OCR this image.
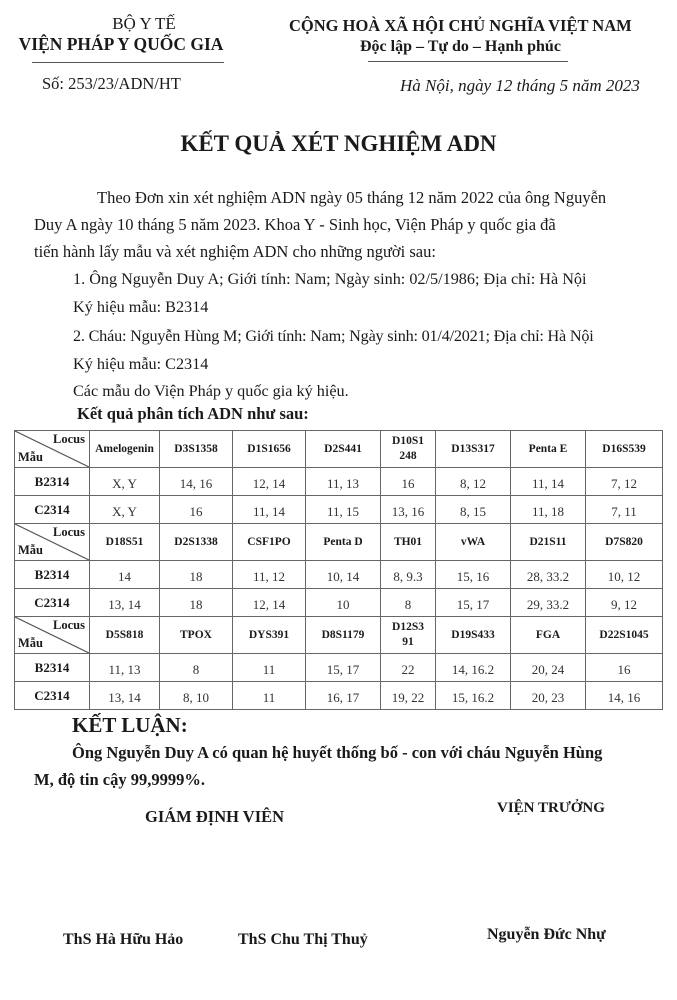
BỘ Y TẾ
VIỆN PHÁP Y QUỐC GIA
Số: 253/23/ADN/HT
CỘNG HOÀ XÃ HỘI CHỦ NGHĨA VIỆT NAM
Độc lập – Tự do – Hạnh phúc
Hà Nội, ngày 12 tháng 5 năm 2023
KẾT QUẢ XÉT NGHIỆM ADN
Theo Đơn xin xét nghiệm ADN ngày 05 tháng 12 năm 2022 của ông Nguyễn
Duy A ngày 10 tháng 5 năm 2023. Khoa Y - Sinh học, Viện Pháp y quốc gia đã
tiến hành lấy mẫu và xét nghiệm ADN cho những người sau:
1. Ông Nguyễn Duy A; Giới tính: Nam; Ngày sinh: 02/5/1986; Địa chỉ: Hà Nội
Ký hiệu mẫu: B2314
2. Cháu: Nguyễn Hùng M; Giới tính: Nam; Ngày sinh: 01/4/2021; Địa chỉ: Hà Nội
Ký hiệu mẫu: C2314
Các mẫu do Viện Pháp y quốc gia ký hiệu.
Kết quả phân tích ADN như sau:
Locus
Mẫu	Amelogenin	D3S1358	D1S1656	D2S441	D10S1 248	D13S317	Penta E	D16S539
B2314	X, Y	14, 16	12, 14	11, 13	16	8, 12	11, 14	7, 12
C2314	X, Y	16	11, 14	11, 15	13, 16	8, 15	11, 18	7, 11

Locus
Mẫu	D18S51	D2S1338	CSF1PO	Penta D	TH01	vWA	D21S11	D7S820
B2314	14	18	11, 12	10, 14	8, 9.3	15, 16	28, 33.2	10, 12
C2314	13, 14	18	12, 14	10	8	15, 17	29, 33.2	9, 12

Locus
Mẫu	D5S818	TPOX	DYS391	D8S1179	D12S3 91	D19S433	FGA	D22S1045
B2314	11, 13	8	11	15, 17	22	14, 16.2	20, 24	16
C2314	13, 14	8, 10	11	16, 17	19, 22	15, 16.2	20, 23	14, 16
KẾT LUẬN:
Ông Nguyễn Duy A có quan hệ huyết thống bố - con với cháu Nguyễn Hùng
M, độ tin cậy 99,9999%.
GIÁM ĐỊNH VIÊN	VIỆN TRƯỞNG
ThS Hà Hữu Hảo	ThS Chu Thị Thuỷ	Nguyễn Đức Nhự
